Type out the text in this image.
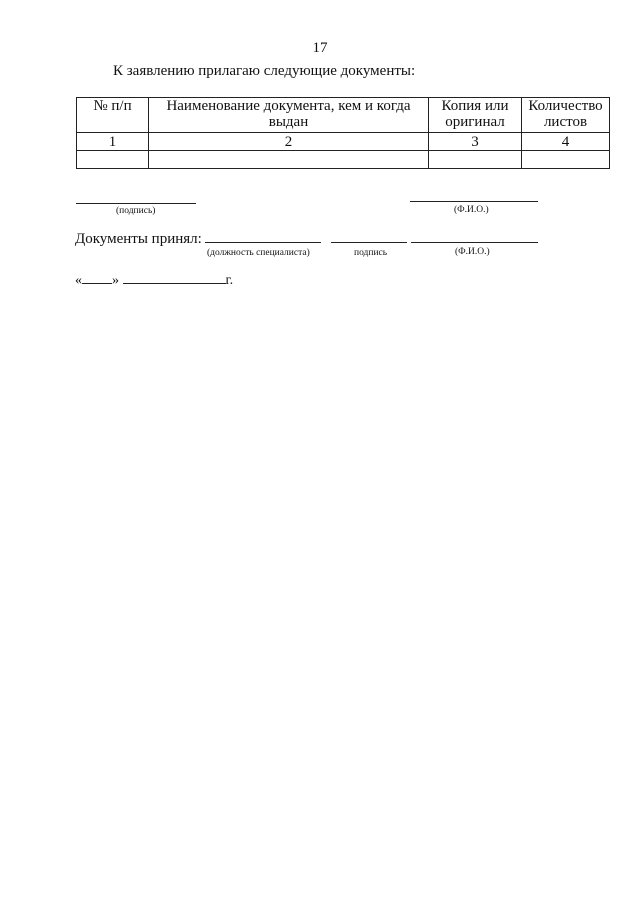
17
К заявлению прилагаю следующие документы:
№ п/п	Наименование документа, кем и когда выдан	Копия или оригинал	Количество листов
1	2	3	4

(подпись)	(Ф.И.О.)
Документы принял:
(должность специалиста)	подпись	(Ф.И.О.)
« »	г.
